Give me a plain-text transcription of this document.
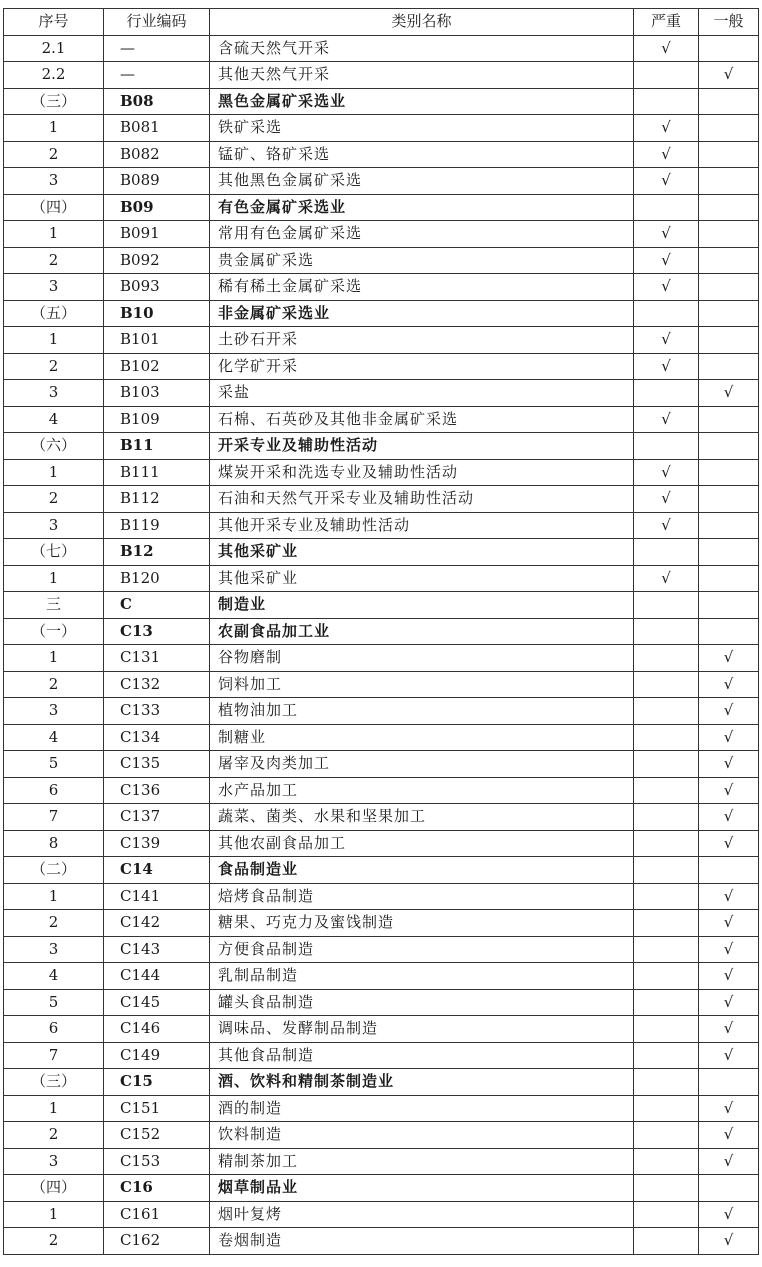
序号	行业编码	类别名称	严重	一般
2.1	—	含硫天然气开采	√	
2.2	—	其他天然气开采		√
（三）	B08	黑色金属矿采选业		
1	B081	铁矿采选	√	
2	B082	锰矿、铬矿采选	√	
3	B089	其他黑色金属矿采选	√	
（四）	B09	有色金属矿采选业		
1	B091	常用有色金属矿采选	√	
2	B092	贵金属矿采选	√	
3	B093	稀有稀土金属矿采选	√	
（五）	B10	非金属矿采选业		
1	B101	土砂石开采	√	
2	B102	化学矿开采	√	
3	B103	采盐		√
4	B109	石棉、石英砂及其他非金属矿采选	√	
（六）	B11	开采专业及辅助性活动		
1	B111	煤炭开采和洗选专业及辅助性活动	√	
2	B112	石油和天然气开采专业及辅助性活动	√	
3	B119	其他开采专业及辅助性活动	√	
（七）	B12	其他采矿业		
1	B120	其他采矿业	√	
三	C	制造业		
（一）	C13	农副食品加工业		
1	C131	谷物磨制		√
2	C132	饲料加工		√
3	C133	植物油加工		√
4	C134	制糖业		√
5	C135	屠宰及肉类加工		√
6	C136	水产品加工		√
7	C137	蔬菜、菌类、水果和坚果加工		√
8	C139	其他农副食品加工		√
（二）	C14	食品制造业		
1	C141	焙烤食品制造		√
2	C142	糖果、巧克力及蜜饯制造		√
3	C143	方便食品制造		√
4	C144	乳制品制造		√
5	C145	罐头食品制造		√
6	C146	调味品、发酵制品制造		√
7	C149	其他食品制造		√
（三）	C15	酒、饮料和精制茶制造业		
1	C151	酒的制造		√
2	C152	饮料制造		√
3	C153	精制茶加工		√
（四）	C16	烟草制品业		
1	C161	烟叶复烤		√
2	C162	卷烟制造		√
